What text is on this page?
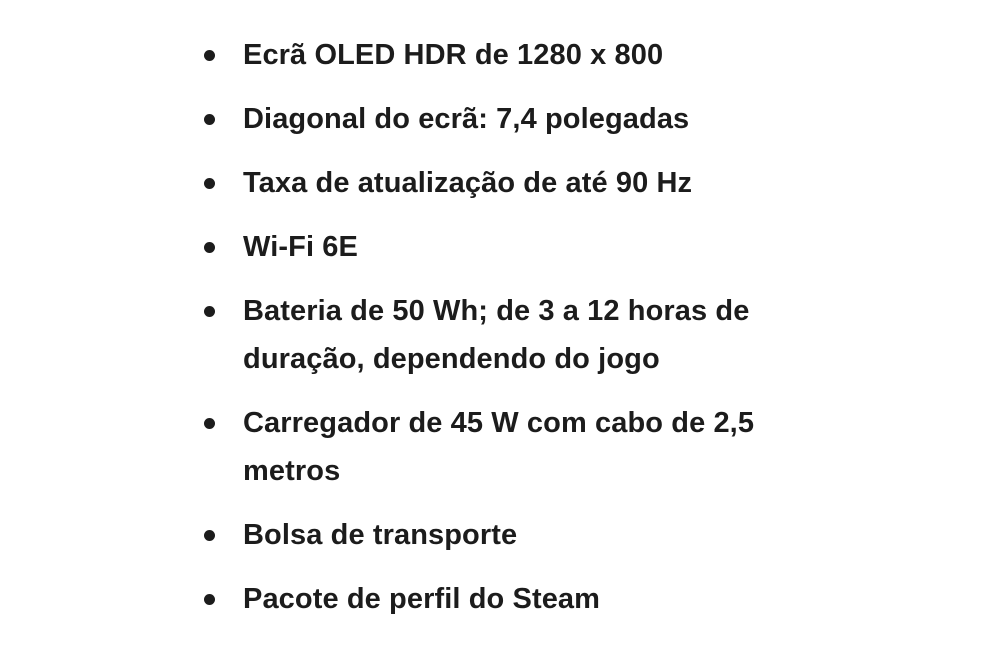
Ecrã OLED HDR de 1280 x 800
Diagonal do ecrã: 7,4 polegadas
Taxa de atualização de até 90 Hz
Wi-Fi 6E
Bateria de 50 Wh; de 3 a 12 horas de
duração, dependendo do jogo
Carregador de 45 W com cabo de 2,5
metros
Bolsa de transporte
Pacote de perfil do Steam
